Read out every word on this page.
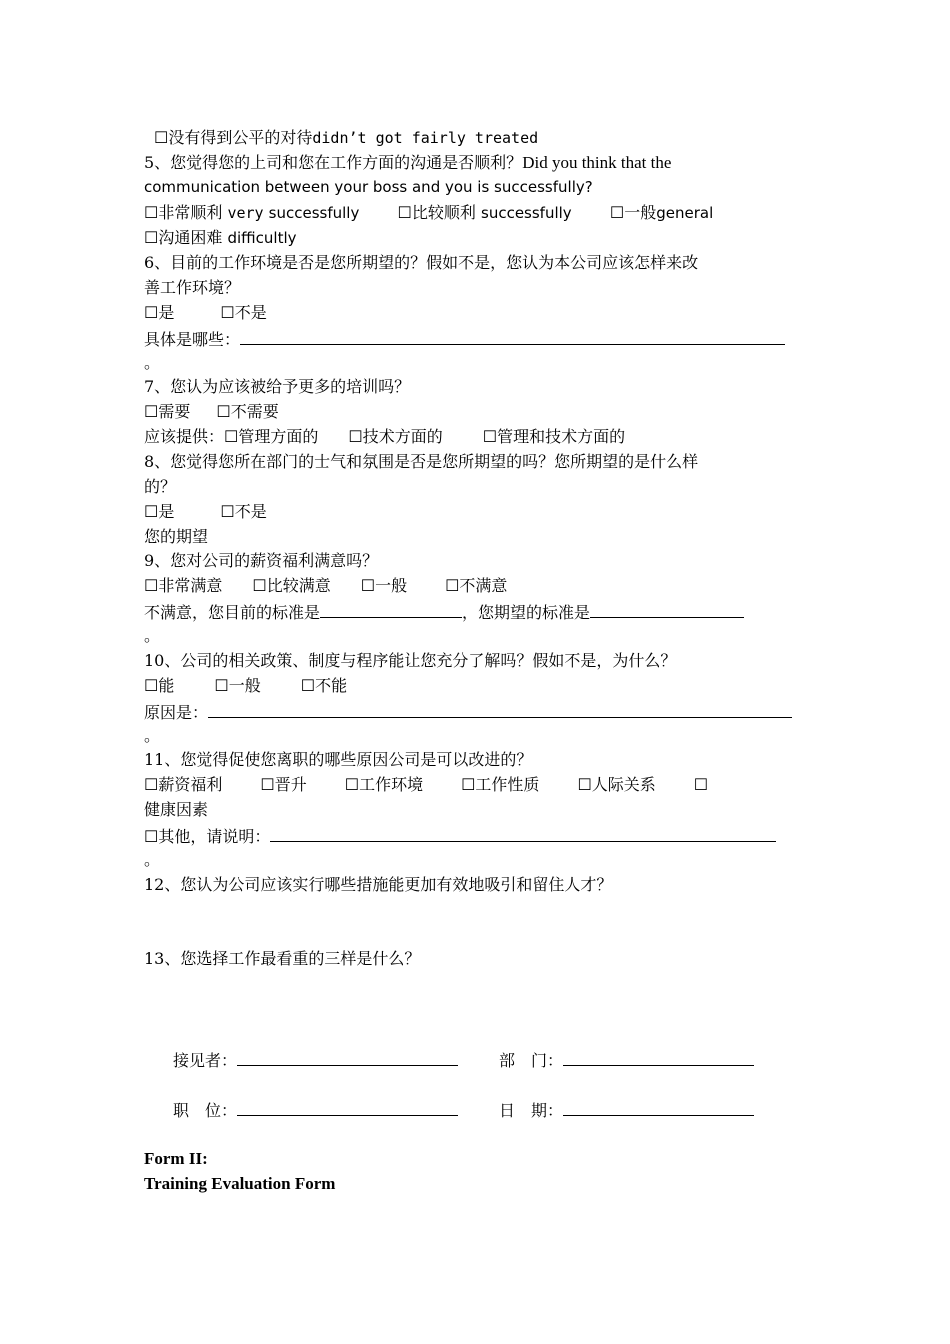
☐没有得到公平的对待didn’t got fairly treated
5、您觉得您的上司和您在工作方面的沟通是否顺利？Did you think that the
communication between your boss and you is successfully?
☐非常顺利 very successfully ☐比较顺利 successfully ☐一般general
☐沟通困难 difficultly
6、目前的工作环境是否是您所期望的？假如不是，您认为本公司应该怎样来改
善工作环境？
☐是	☐不是
具体是哪些：
。
7、您认为应该被给予更多的培训吗？
☐需要 ☐不需要
应该提供：☐管理方面的 ☐技术方面的	☐管理和技术方面的
8、您觉得您所在部门的士气和氛围是否是您所期望的吗？您所期望的是什么样
的？
☐是	☐不是
您的期望
9、您对公司的薪资福利满意吗？
☐非常满意 ☐比较满意 ☐一般 ☐不满意
不满意，您目前的标准是	，您期望的标准是
。
10、公司的相关政策、制度与程序能让您充分了解吗？假如不是，为什么？
☐能	☐一般	☐不能
原因是：
。
11、您觉得促使您离职的哪些原因公司是可以改进的？
☐薪资福利 ☐晋升 ☐工作环境 ☐工作性质 ☐人际关系 ☐
健康因素
☐其他，请说明：
。
12、您认为公司应该实行哪些措施能更加有效地吸引和留住人才？
13、您选择工作最看重的三样是什么？
接见者：	部　门：
职　位：	日　期：
Form II:
Training Evaluation Form
